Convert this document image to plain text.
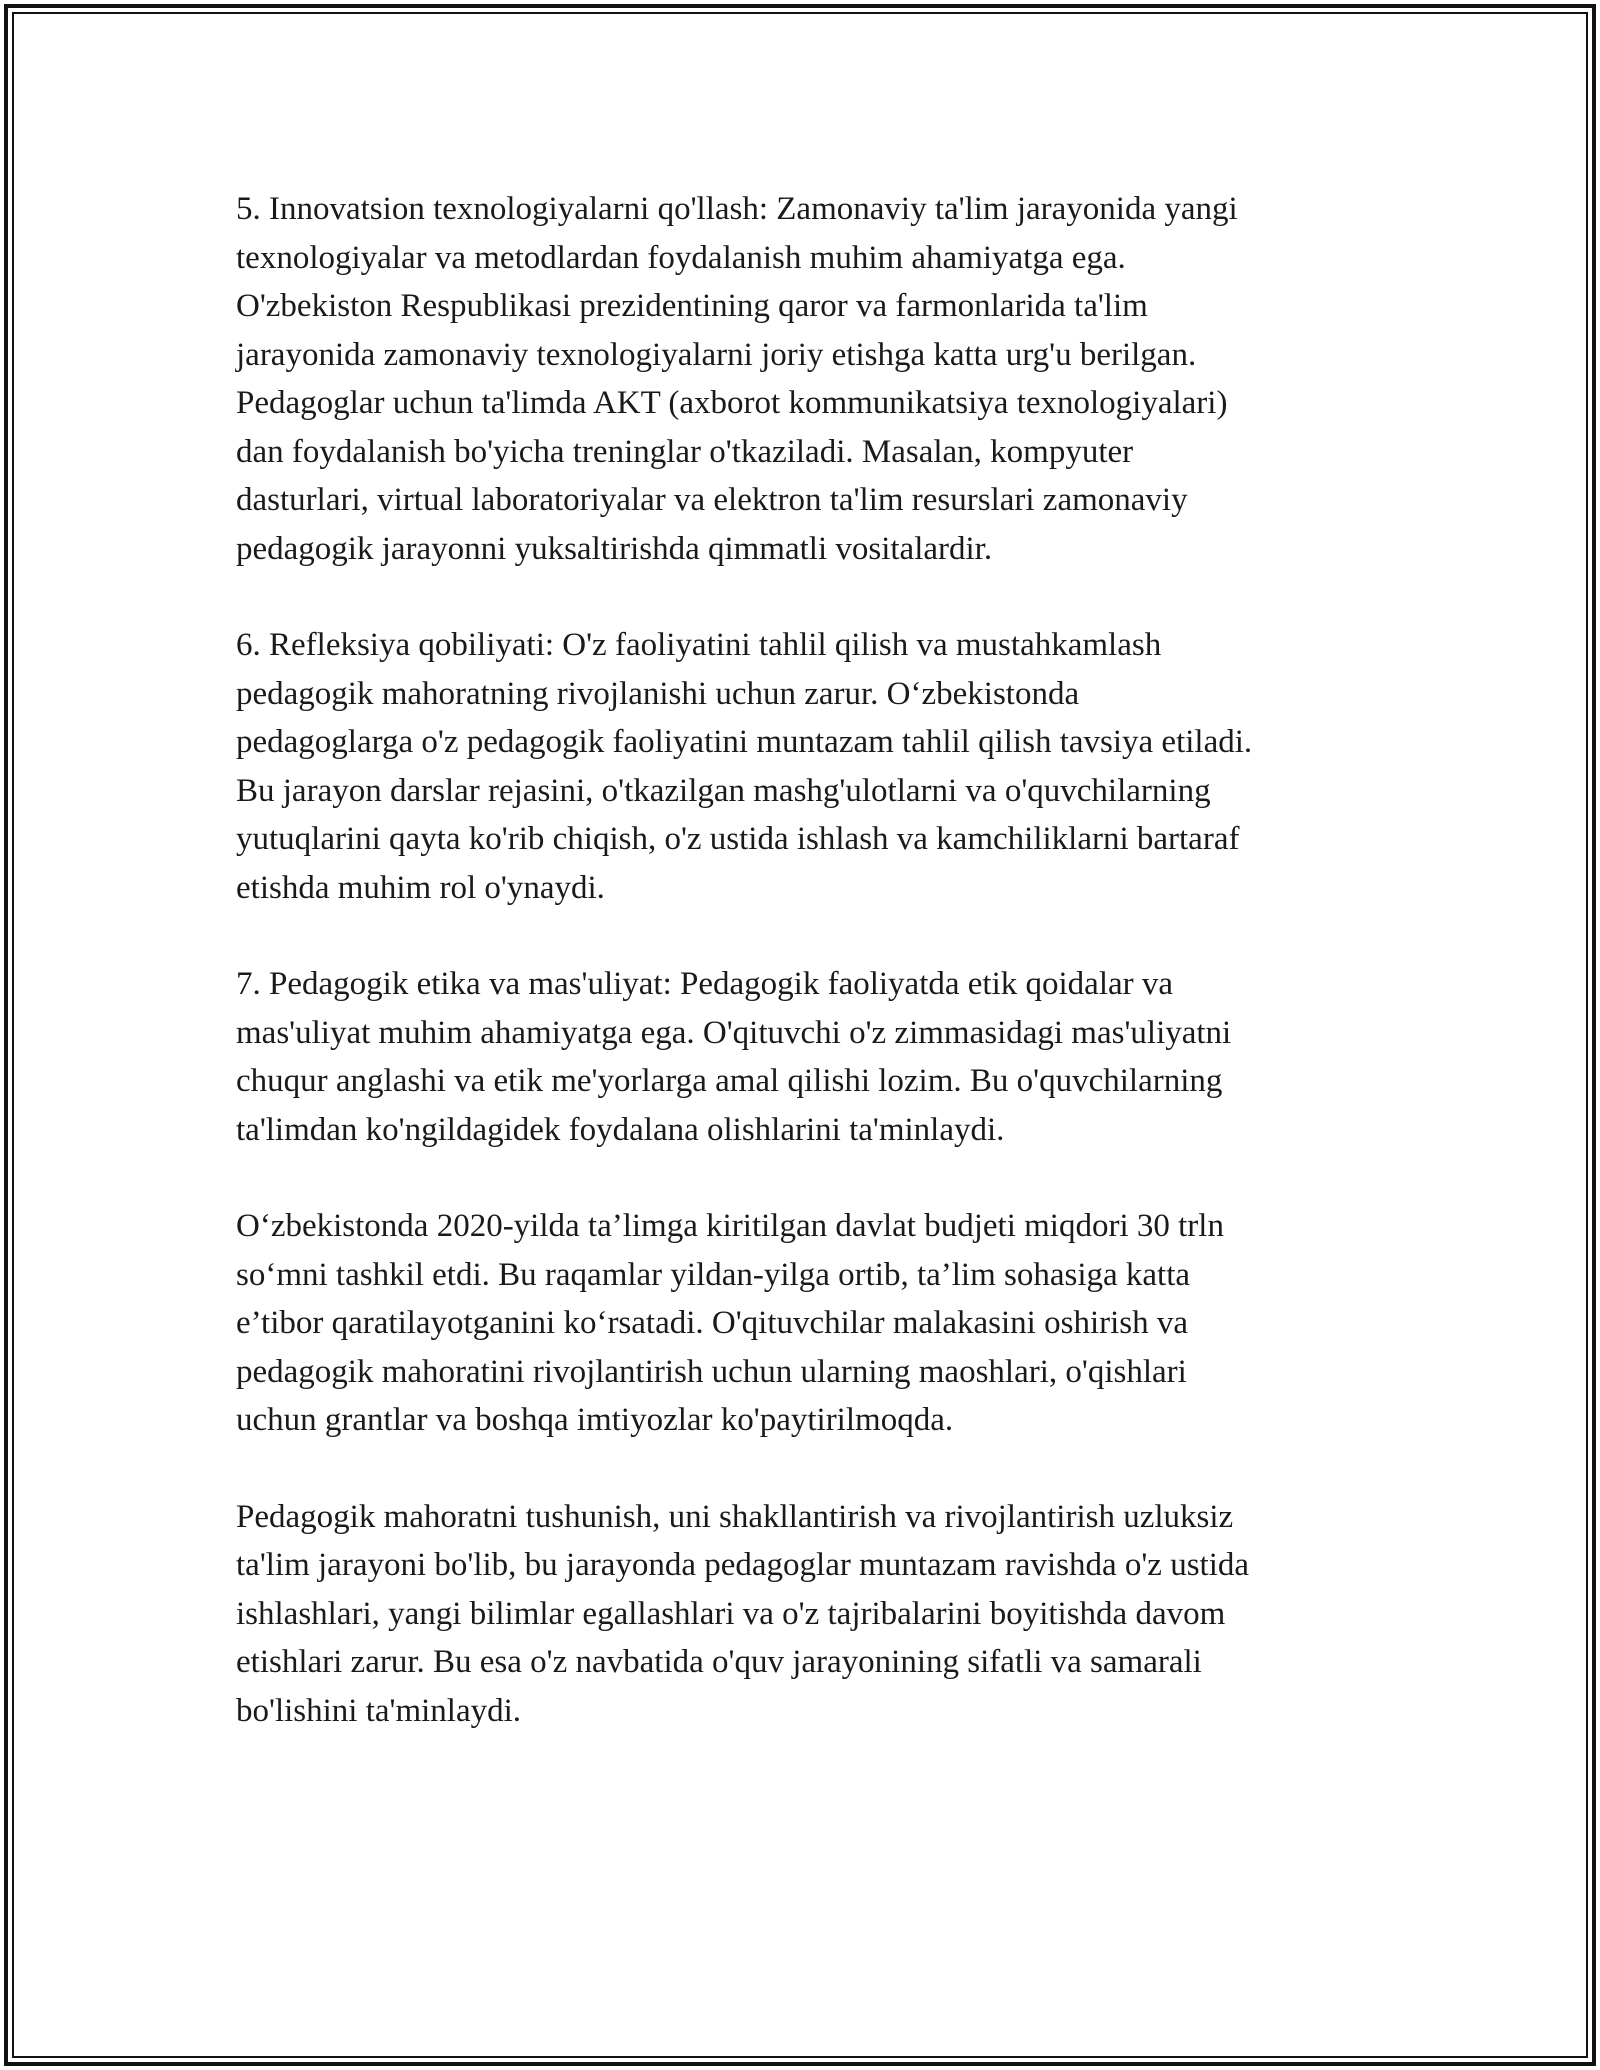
5. Innovatsion texnologiyalarni qo'llash: Zamonaviy ta'lim jarayonida yangi
texnologiyalar va metodlardan foydalanish muhim ahamiyatga ega.
O'zbekiston Respublikasi prezidentining qaror va farmonlarida ta'lim
jarayonida zamonaviy texnologiyalarni joriy etishga katta urg'u berilgan.
Pedagoglar uchun ta'limda AKT (axborot kommunikatsiya texnologiyalari)
dan foydalanish bo'yicha treninglar o'tkaziladi. Masalan, kompyuter
dasturlari, virtual laboratoriyalar va elektron ta'lim resurslari zamonaviy
pedagogik jarayonni yuksaltirishda qimmatli vositalardir.

6. Refleksiya qobiliyati: O'z faoliyatini tahlil qilish va mustahkamlash
pedagogik mahoratning rivojlanishi uchun zarur. O‘zbekistonda
pedagoglarga o'z pedagogik faoliyatini muntazam tahlil qilish tavsiya etiladi.
Bu jarayon darslar rejasini, o'tkazilgan mashg'ulotlarni va o'quvchilarning
yutuqlarini qayta ko'rib chiqish, o'z ustida ishlash va kamchiliklarni bartaraf
etishda muhim rol o'ynaydi.

7. Pedagogik etika va mas'uliyat: Pedagogik faoliyatda etik qoidalar va
mas'uliyat muhim ahamiyatga ega. O'qituvchi o'z zimmasidagi mas'uliyatni
chuqur anglashi va etik me'yorlarga amal qilishi lozim. Bu o'quvchilarning
ta'limdan ko'ngildagidek foydalana olishlarini ta'minlaydi.

O‘zbekistonda 2020-yilda ta’limga kiritilgan davlat budjeti miqdori 30 trln
so‘mni tashkil etdi. Bu raqamlar yildan-yilga ortib, ta’lim sohasiga katta
e’tibor qaratilayotganini ko‘rsatadi. O'qituvchilar malakasini oshirish va
pedagogik mahoratini rivojlantirish uchun ularning maoshlari, o'qishlari
uchun grantlar va boshqa imtiyozlar ko'paytirilmoqda.

Pedagogik mahoratni tushunish, uni shakllantirish va rivojlantirish uzluksiz
ta'lim jarayoni bo'lib, bu jarayonda pedagoglar muntazam ravishda o'z ustida
ishlashlari, yangi bilimlar egallashlari va o'z tajribalarini boyitishda davom
etishlari zarur. Bu esa o'z navbatida o'quv jarayonining sifatli va samarali
bo'lishini ta'minlaydi.
